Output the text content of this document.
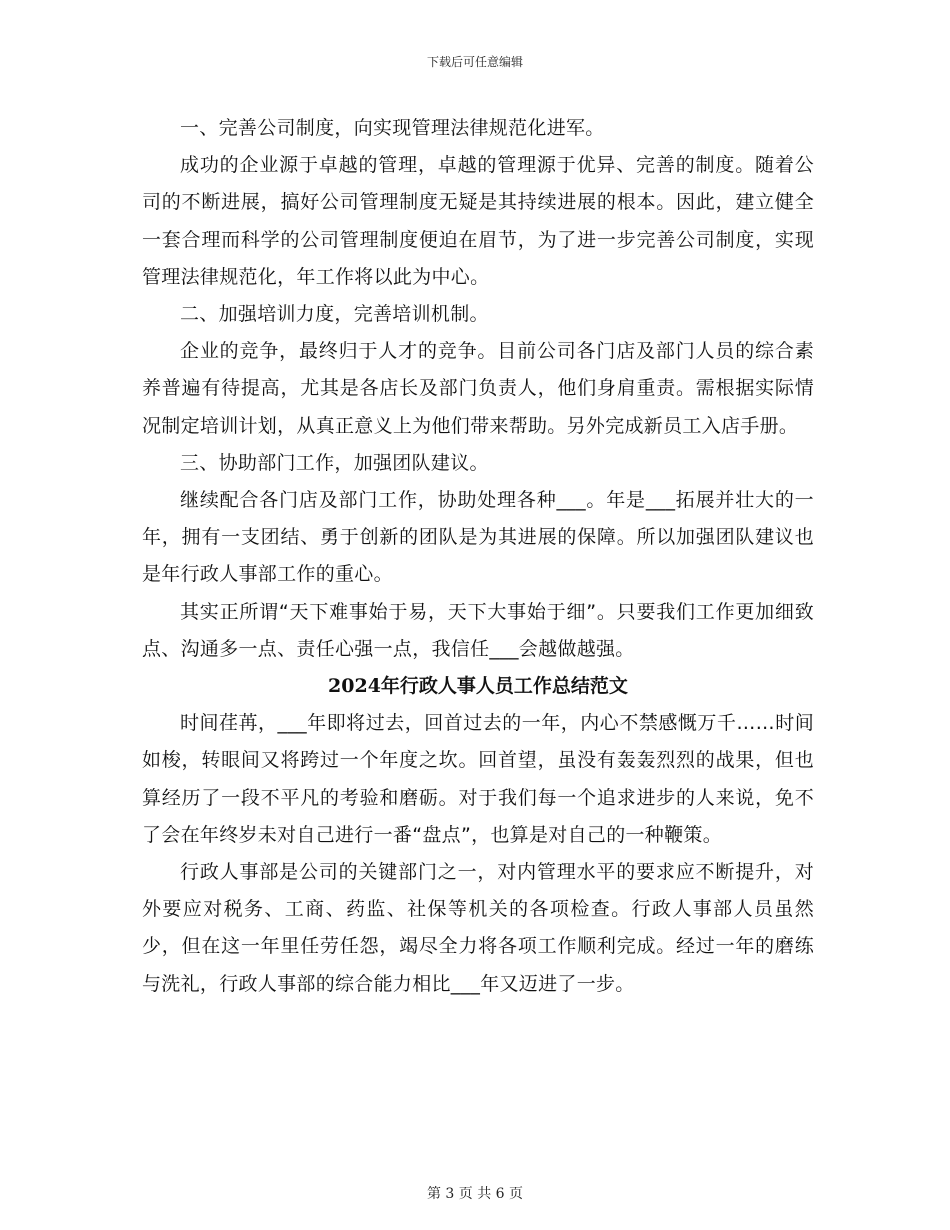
下载后可任意编辑

一、完善公司制度，向实现管理法律规范化进军。

成功的企业源于卓越的管理，卓越的管理源于优异、完善的制度。随着公司的不断进展，搞好公司管理制度无疑是其持续进展的根本。因此，建立健全一套合理而科学的公司管理制度便迫在眉节，为了进一步完善公司制度，实现管理法律规范化，年工作将以此为中心。

二、加强培训力度，完善培训机制。

企业的竞争，最终归于人才的竞争。目前公司各门店及部门人员的综合素养普遍有待提高，尤其是各店长及部门负责人，他们身肩重责。需根据实际情况制定培训计划，从真正意义上为他们带来帮助。另外完成新员工入店手册。

三、协助部门工作，加强团队建议。

继续配合各门店及部门工作，协助处理各种___。年是___拓展并壮大的一年，拥有一支团结、勇于创新的团队是为其进展的保障。所以加强团队建议也是年行政人事部工作的重心。

其实正所谓“天下难事始于易，天下大事始于细”。只要我们工作更加细致点、沟通多一点、责任心强一点，我信任___会越做越强。

2024年行政人事人员工作总结范文

时间荏苒，___年即将过去，回首过去的一年，内心不禁感慨万千……时间如梭，转眼间又将跨过一个年度之坎。回首望，虽没有轰轰烈烈的战果，但也算经历了一段不平凡的考验和磨砺。对于我们每一个追求进步的人来说，免不了会在年终岁未对自己进行一番“盘点”，也算是对自己的一种鞭策。

行政人事部是公司的关键部门之一，对内管理水平的要求应不断提升，对外要应对税务、工商、药监、社保等机关的各项检查。行政人事部人员虽然少，但在这一年里任劳任怨，竭尽全力将各项工作顺利完成。经过一年的磨练与洗礼，行政人事部的综合能力相比___年又迈进了一步。

第 3 页 共 6 页
